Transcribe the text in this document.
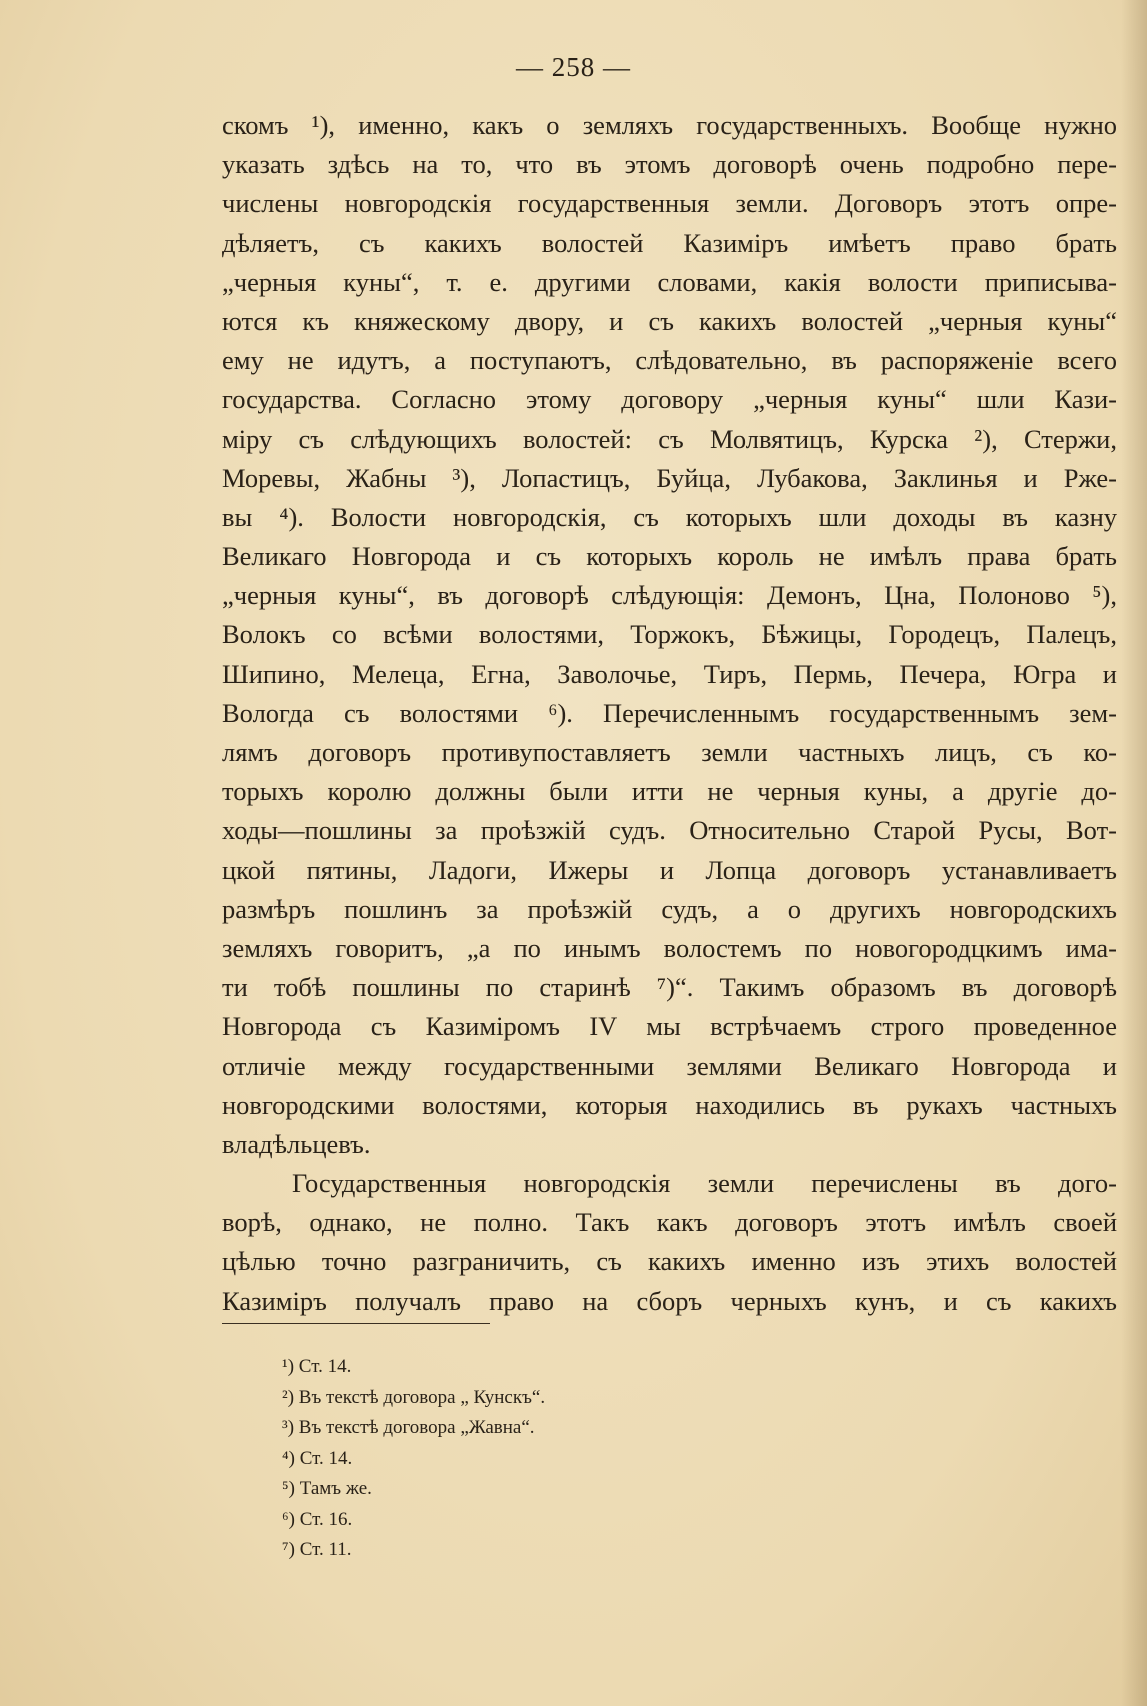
— 258 —
скомъ ¹), именно, какъ о земляхъ государственныхъ. Вообще нужно
указать здѣсь на то, что въ этомъ договорѣ очень подробно пере-
числены новгородскія государственныя земли. Договоръ этотъ опре-
дѣляетъ, съ какихъ волостей Казиміръ имѣетъ право брать
„черныя куны“, т. е. другими словами, какія волости приписыва-
ются къ княжескому двору, и съ какихъ волостей „черныя куны“
ему не идутъ, а поступаютъ, слѣдовательно, въ распоряженіе всего
государства. Согласно этому договору „черныя куны“ шли Кази-
міру съ слѣдующихъ волостей: съ Молвятицъ, Курска ²), Стержи,
Моревы, Жабны ³), Лопастицъ, Буйца, Лубакова, Заклинья и Рже-
вы ⁴). Волости новгородскія, съ которыхъ шли доходы въ казну
Великаго Новгорода и съ которыхъ король не имѣлъ права брать
„черныя куны“, въ договорѣ слѣдующія: Демонъ, Цна, Полоново ⁵),
Волокъ со всѣми волостями, Торжокъ, Бѣжицы, Городецъ, Палецъ,
Шипино, Мелеца, Егна, Заволочье, Тиръ, Пермь, Печера, Югра и
Вологда съ волостями ⁶). Перечисленнымъ государственнымъ зем-
лямъ договоръ противупоставляетъ земли частныхъ лицъ, съ ко-
торыхъ королю должны были итти не черныя куны, а другіе до-
ходы—пошлины за проѣзжій судъ. Относительно Старой Русы, Вот-
цкой пятины, Ладоги, Ижеры и Лопца договоръ устанавливаетъ
размѣръ пошлинъ за проѣзжій судъ, а о другихъ новгородскихъ
земляхъ говоритъ, „а по инымъ волостемъ по новогородцкимъ има-
ти тобѣ пошлины по старинѣ ⁷)“. Такимъ образомъ въ договорѣ
Новгорода съ Казиміромъ IV мы встрѣчаемъ строго проведенное
отличіе между государственными землями Великаго Новгорода и
новгородскими волостями, которыя находились въ рукахъ частныхъ
владѣльцевъ.
Государственныя новгородскія земли перечислены въ дого-
ворѣ, однако, не полно. Такъ какъ договоръ этотъ имѣлъ своей
цѣлью точно разграничить, съ какихъ именно изъ этихъ волостей
Казиміръ получалъ право на сборъ черныхъ кунъ, и съ какихъ
¹) Ст. 14.
²) Въ текстѣ договора „ Кунскъ“.
³) Въ текстѣ договора „Жавна“.
⁴) Ст. 14.
⁵) Тамъ же.
⁶) Ст. 16.
⁷) Ст. 11.
